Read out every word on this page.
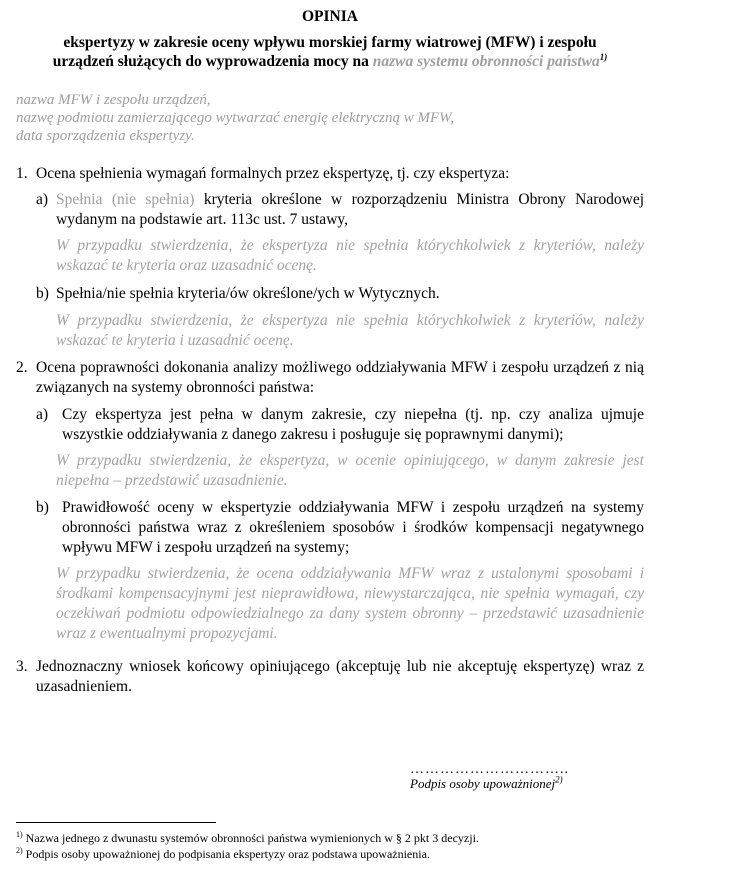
OPINIA
ekspertyzy w zakresie oceny wpływu morskiej farmy wiatrowej (MFW) i zespołu
urządzeń służących do wyprowadzenia mocy na nazwa systemu obronności państwa$^{1)}$
nazwa MFW i zespołu urządzeń,
nazwę podmiotu zamierzającego wytwarzać energię elektryczną w MFW,
data sporządzenia ekspertyzy.
1. Ocena spełnienia wymagań formalnych przez ekspertyzę, tj. czy ekspertyza:
a) Spełnia (nie spełnia) kryteria określone w rozporządzeniu Ministra Obrony Narodowej
wydanym na podstawie art. 113c ust. 7 ustawy,
W przypadku stwierdzenia, że ekspertyza nie spełnia którychkolwiek z kryteriów, należy wskazać te kryteria oraz uzasadnić ocenę.
b) Spełnia/nie spełnia kryteria/ów określone/ych w Wytycznych.
W przypadku stwierdzenia, że ekspertyza nie spełnia którychkolwiek z kryteriów, należy wskazać te kryteria i uzasadnić ocenę.
2. Ocena poprawności dokonania analizy możliwego oddziaływania MFW i zespołu urządzeń z nią związanych na systemy obronności państwa:
a) Czy ekspertyza jest pełna w danym zakresie, czy niepełna (tj. np. czy analiza ujmuje wszystkie oddziaływania z danego zakresu i posługuje się poprawnymi danymi);
W przypadku stwierdzenia, że ekspertyza, w ocenie opiniującego, w danym zakresie jest niepełna – przedstawić uzasadnienie.
b) Prawidłowość oceny w ekspertyzie oddziaływania MFW i zespołu urządzeń na systemy obronności państwa wraz z określeniem sposobów i środków kompensacji negatywnego wpływu MFW i zespołu urządzeń na systemy;
W przypadku stwierdzenia, że ocena oddziaływania MFW wraz z ustalonymi sposobami i środkami kompensacyjnymi jest nieprawidłowa, niewystarczająca, nie spełnia wymagań, czy oczekiwań podmiotu odpowiedzialnego za dany system obronny – przedstawić uzasadnienie wraz z ewentualnymi propozycjami.
3. Jednoznaczny wniosek końcowy opiniującego (akceptuję lub nie akceptuję ekspertyzę) wraz z uzasadnieniem.
…………………………..
Podpis osoby upoważnionej$^{2)}$
$^{1)}$ Nazwa jednego z dwunastu systemów obronności państwa wymienionych w § 2 pkt 3 decyzji.
$^{2)}$ Podpis osoby upoważnionej do podpisania ekspertyzy oraz podstawa upoważnienia.
